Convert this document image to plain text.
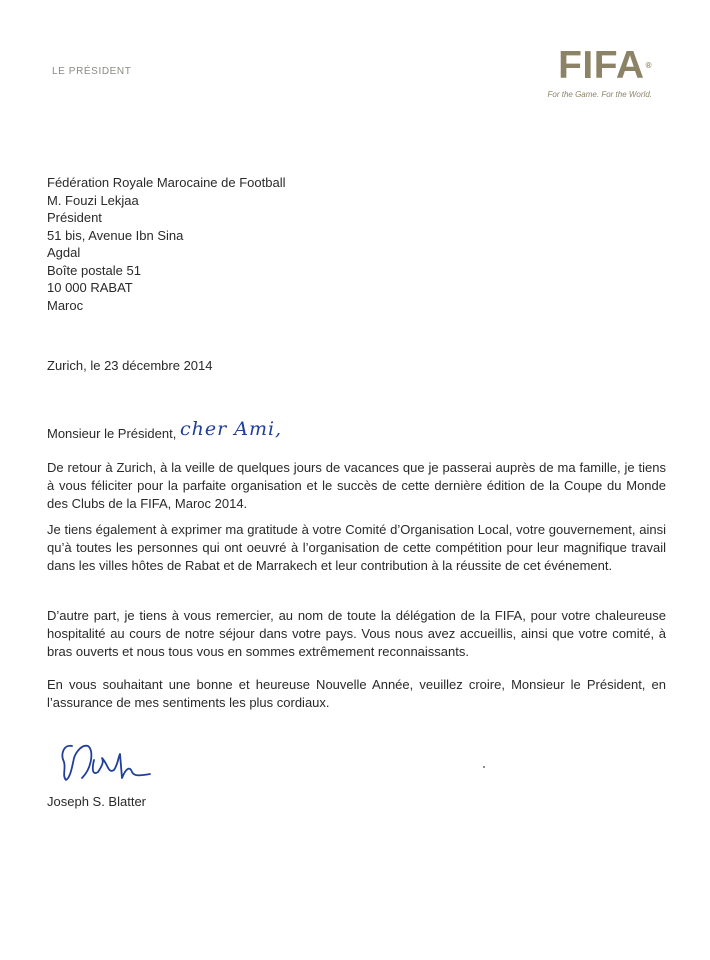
LE PRÉSIDENT	FIFA®
For the Game. For the World.
Fédération Royale Marocaine de Football
M. Fouzi Lekjaa
Président
51 bis, Avenue Ibn Sina
Agdal
Boîte postale 51
10 000 RABAT
Maroc
Zurich, le 23 décembre 2014
Monsieur le Président, cher Ami,
De retour à Zurich, à la veille de quelques jours de vacances que je passerai auprès de ma famille, je tiens à vous féliciter pour la parfaite organisation et le succès de cette dernière édition de la Coupe du Monde des Clubs de la FIFA, Maroc 2014.
Je tiens également à exprimer ma gratitude à votre Comité d’Organisation Local, votre gouvernement, ainsi qu’à toutes les personnes qui ont oeuvré à l’organisation de cette compétition pour leur magnifique travail dans les villes hôtes de Rabat et de Marrakech et leur contribution à la réussite de cet événement.
D’autre part, je tiens à vous remercier, au nom de toute la délégation de la FIFA, pour votre chaleureuse hospitalité au cours de notre séjour dans votre pays. Vous nous avez accueillis, ainsi que votre comité, à bras ouverts et nous tous vous en sommes extrêmement reconnaissants.
En vous souhaitant une bonne et heureuse Nouvelle Année, veuillez croire, Monsieur le Président, en l’assurance de mes sentiments les plus cordiaux.
Joseph S. Blatter
